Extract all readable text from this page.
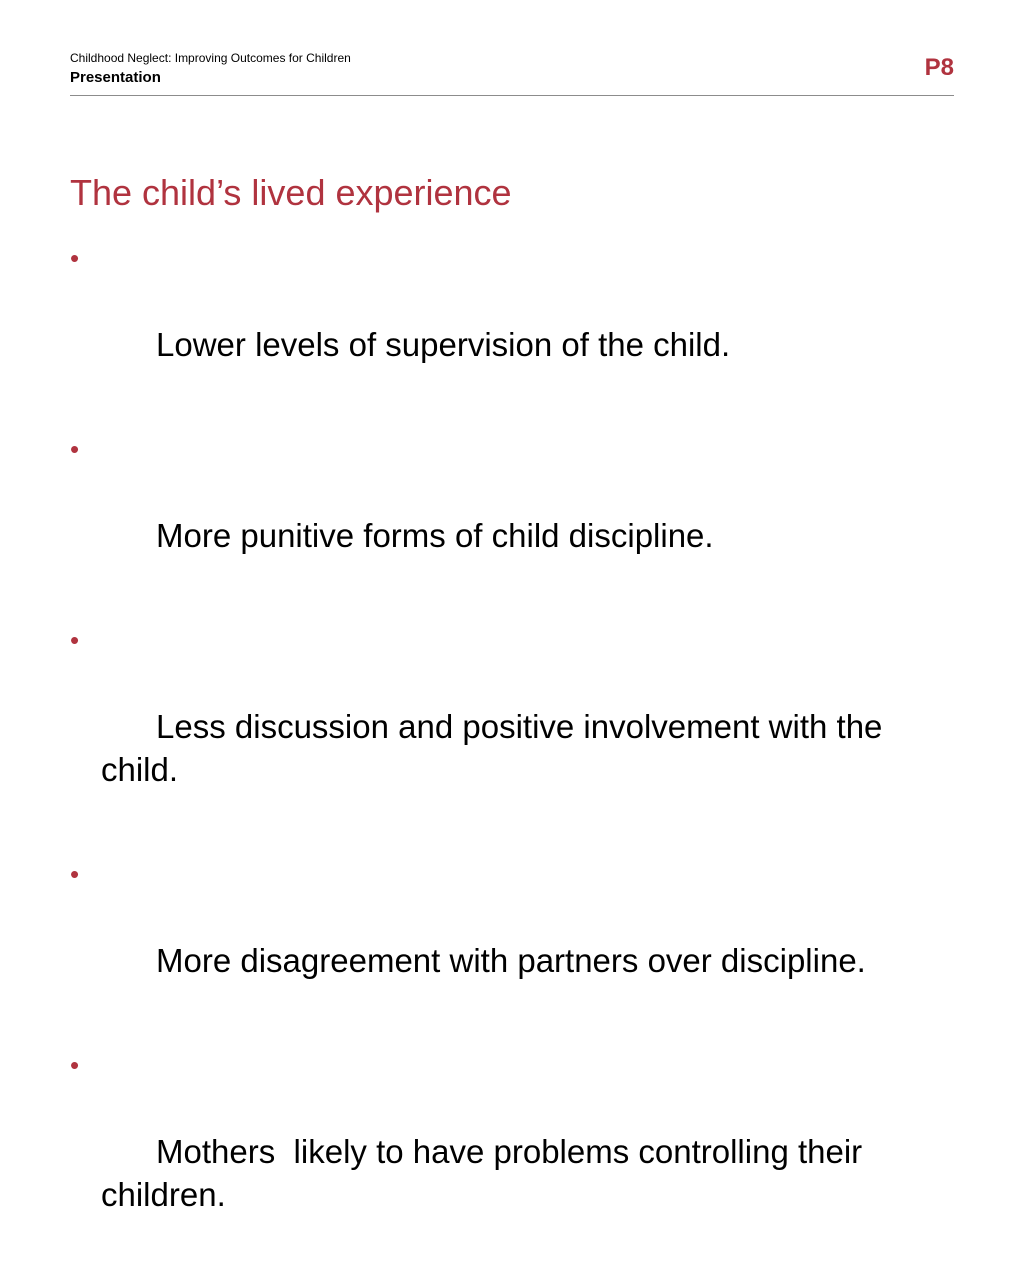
Childhood Neglect: Improving Outcomes for Children
Presentation	P8
The child’s lived experience

•

Lower levels of supervision of the child.

•

More punitive forms of child discipline.

•

Less discussion and positive involvement with the child.

•

More disagreement with partners over discipline.

•

Mothers  likely to have problems controlling their children.
